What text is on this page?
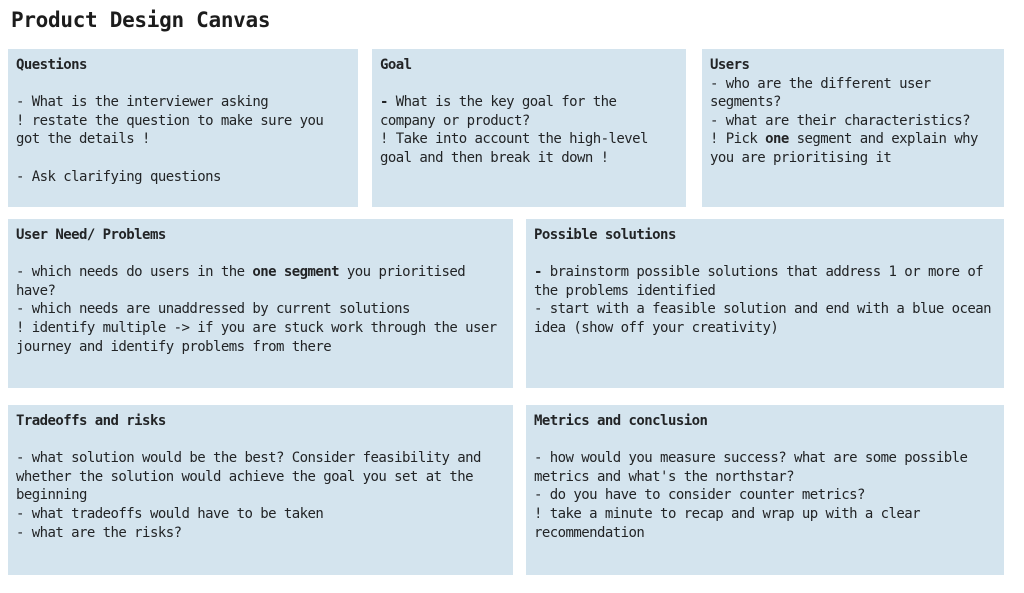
Product Design Canvas
Questions
- What is the interviewer asking
! restate the question to make sure you got the details !
- Ask clarifying questions
Goal
- What is the key goal for the company or product?
! Take into account the high-level goal and then break it down !
Users
- who are the different user segments?
- what are their characteristics?
! Pick one segment and explain why you are prioritising it
User Need/ Problems
- which needs do users in the one segment you prioritised have?
- which needs are unaddressed by current solutions
! identify multiple -> if you are stuck work through the user journey and identify problems from there
Possible solutions
- brainstorm possible solutions that address 1 or more of the problems identified
- start with a feasible solution and end with a blue ocean idea (show off your creativity)
Tradeoffs and risks
- what solution would be the best? Consider feasibility and whether the solution would achieve the goal you set at the beginning
- what tradeoffs would have to be taken
- what are the risks?
Metrics and conclusion
- how would you measure success? what are some possible metrics and what's the northstar?
- do you have to consider counter metrics?
! take a minute to recap and wrap up with a clear recommendation
